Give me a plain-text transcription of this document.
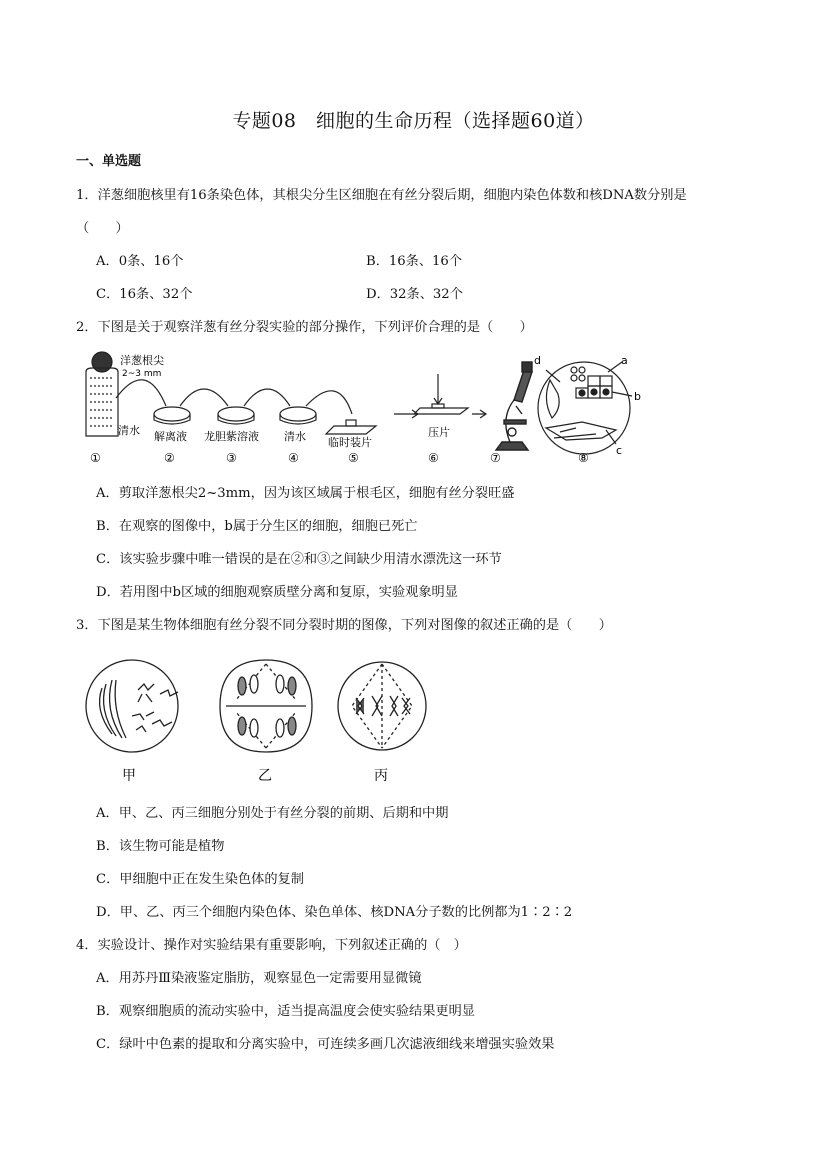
专题08　细胞的生命历程（选择题60道）
一、单选题
1．洋葱细胞核里有16条染色体，其根尖分生区细胞在有丝分裂后期，细胞内染色体数和核DNA数分别是
（　　）
A．0条、16个	B．16条、16个
C．16条、32个	D．32条、32个
2．下图是关于观察洋葱有丝分裂实验的部分操作，下列评价合理的是（　　）
洋葱根尖
2~3 mm
清水 解离液 龙胆紫溶液 清水 临时装片
压片
a
b
c
d
①	②	③	④	⑤	⑥	⑦	⑧
A．剪取洋葱根尖2~3mm，因为该区域属于根毛区，细胞有丝分裂旺盛
B．在观察的图像中，b属于分生区的细胞，细胞已死亡
C．该实验步骤中唯一错误的是在②和③之间缺少用清水漂洗这一环节
D．若用图中b区域的细胞观察质壁分离和复原，实验观象明显
3．下图是某生物体细胞有丝分裂不同分裂时期的图像，下列对图像的叙述正确的是（　　）
甲	乙	丙
A．甲、乙、丙三细胞分别处于有丝分裂的前期、后期和中期
B．该生物可能是植物
C．甲细胞中正在发生染色体的复制
D．甲、乙、丙三个细胞内染色体、染色单体、核DNA分子数的比例都为1∶2∶2
4．实验设计、操作对实验结果有重要影响，下列叙述正确的（　）
A．用苏丹Ⅲ染液鉴定脂肪，观察显色一定需要用显微镜
B．观察细胞质的流动实验中，适当提高温度会使实验结果更明显
C．绿叶中色素的提取和分离实验中，可连续多画几次滤液细线来增强实验效果
